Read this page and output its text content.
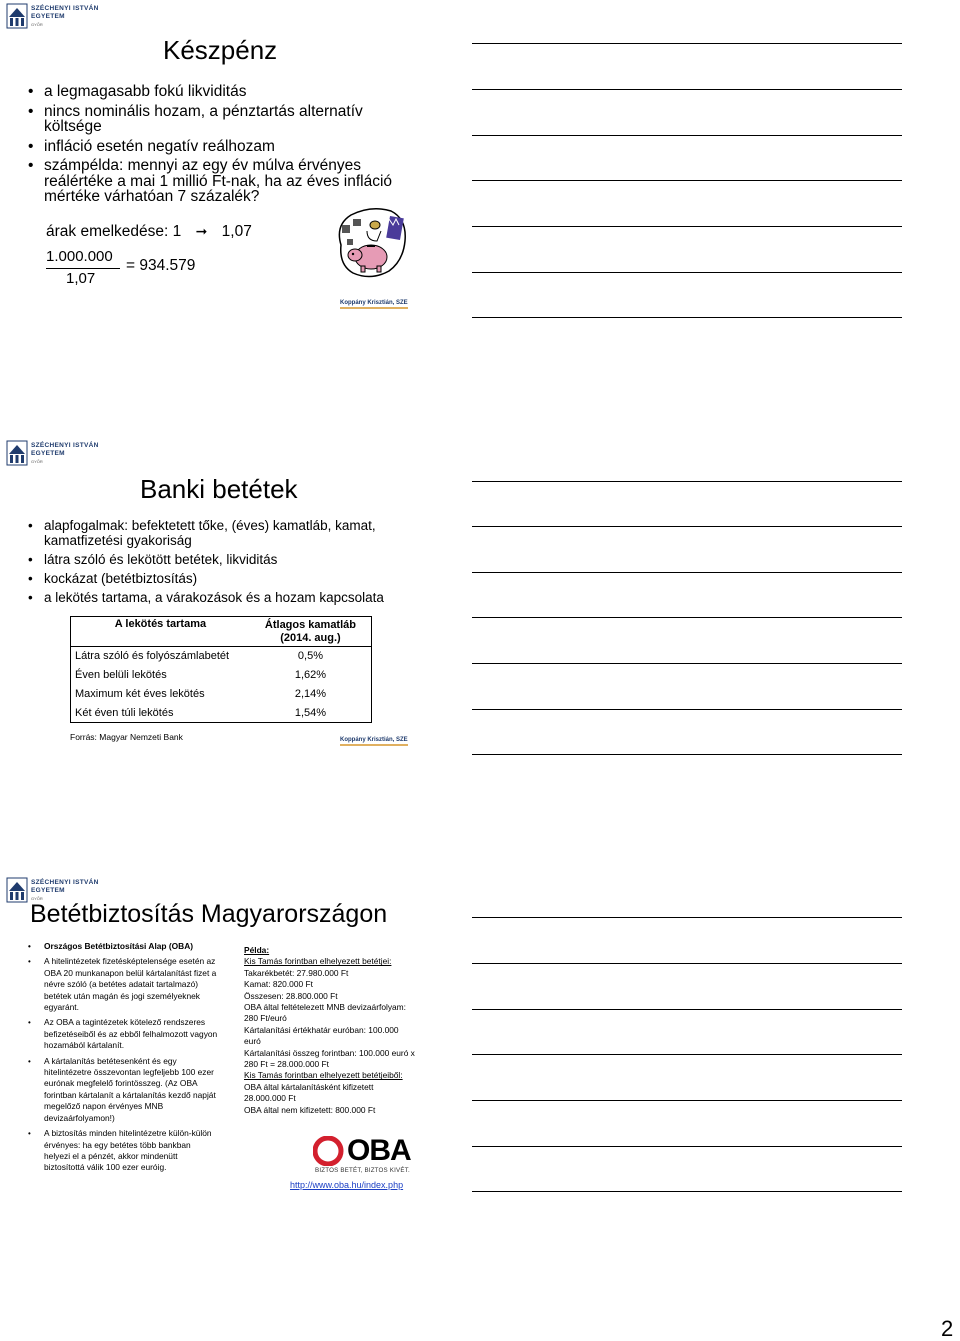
SZÉCHENYI ISTVÁN
EGYETEM
GYŐR
Készpénz
• a legmagasabb fokú likviditás
• nincs nominális hozam, a pénztartás alternatív költsége
• infláció esetén negatív reálhozam
• számpélda: mennyi az egy év múlva érvényes reálértéke a mai 1 millió Ft-nak, ha az éves infláció mértéke várhatóan 7 százalék?
árak emelkedése: 1 ➞ 1,07
1.000.000
1,07
= 934.579
Koppány Krisztián, SZE
SZÉCHENYI ISTVÁN
EGYETEM
GYŐR
Banki betétek
• alapfogalmak: befektetett tőke, (éves) kamatláb, kamat, kamatfizetési gyakoriság
• látra szóló és lekötött betétek, likviditás
• kockázat (betétbiztosítás)
• a lekötés tartama, a várakozások és a hozam kapcsolata
A lekötés tartama	Átlagos kamatláb (2014. aug.)
Látra szóló és folyószámlabetét	0,5%
Éven belüli lekötés	1,62%
Maximum két éves lekötés	2,14%
Két éven túli lekötés	1,54%
Forrás: Magyar Nemzeti Bank	Koppány Krisztián, SZE
SZÉCHENYI ISTVÁN
EGYETEM
GYŐR
Betétbiztosítás Magyarországon
• Országos Betétbiztosítási Alap (OBA)
• A hitelintézetek fizetésképtelensége esetén az OBA 20 munkanapon belül kártalanítást fizet a névre szóló (a betétes adatait tartalmazó) betétek után magán és jogi személyeknek egyaránt.
• Az OBA a tagintézetek kötelező rendszeres befizetéseiből és az ebből felhalmozott vagyon hozamából kártalanít.
• A kártalanítás betétesenként és egy hitelintézetre összevontan legfeljebb 100 ezer eurónak megfelelő forintösszeg. (Az OBA forintban kártalanít a kártalanítás kezdő napját megelőző napon érvényes MNB devizaárfolyamon!)
• A biztosítás minden hitelintézetre külön-külön érvényes: ha egy betétes több bankban helyezi el a pénzét, akkor mindenütt biztosítottá válik 100 ezer euróig.
Példa:
Kis Tamás forintban elhelyezett betétjei:
Takarékbetét: 27.980.000 Ft
Kamat: 820.000 Ft
Összesen: 28.800.000 Ft
OBA által feltételezett MNB devizaárfolyam: 280 Ft/euró
Kártalanítási értékhatár euróban: 100.000 euró
Kártalanítási összeg forintban: 100.000 euró x 280 Ft = 28.000.000 Ft
Kis Tamás forintban elhelyezett betétjeiből:
OBA által kártalanításként kifizetett 28.000.000 Ft
OBA által nem kifizetett: 800.000 Ft
OBA
BIZTOS BETÉT, BIZTOS KIVÉT.
http://www.oba.hu/index.php
2
